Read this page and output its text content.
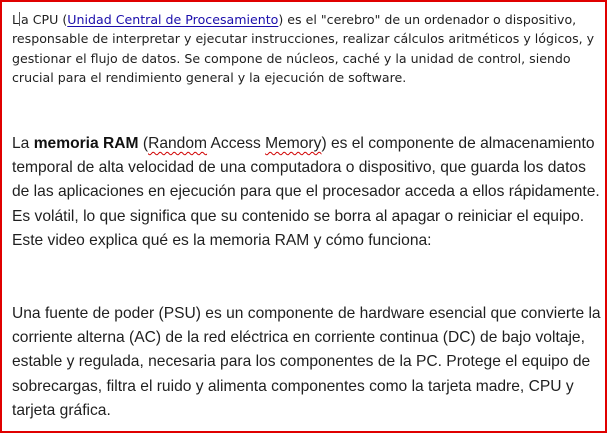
L a CPU (Unidad Central de Procesamiento) es el "cerebro" de un ordenador o dispositivo, responsable de interpretar y ejecutar instrucciones, realizar cálculos aritméticos y lógicos, y gestionar el flujo de datos. Se compone de núcleos, caché y la unidad de control, siendo crucial para el rendimiento general y la ejecución de software.

La memoria RAM (Random Access Memory) es el componente de almacenamiento temporal de alta velocidad de una computadora o dispositivo, que guarda los datos de las aplicaciones en ejecución para que el procesador acceda a ellos rápidamente. Es volátil, lo que significa que su contenido se borra al apagar o reiniciar el equipo.
Este video explica qué es la memoria RAM y cómo funciona:

Una fuente de poder (PSU) es un componente de hardware esencial que convierte la corriente alterna (AC) de la red eléctrica en corriente continua (DC) de bajo voltaje, estable y regulada, necesaria para los componentes de la PC. Protege el equipo de sobrecargas, filtra el ruido y alimenta componentes como la tarjeta madre, CPU y tarjeta gráfica.
